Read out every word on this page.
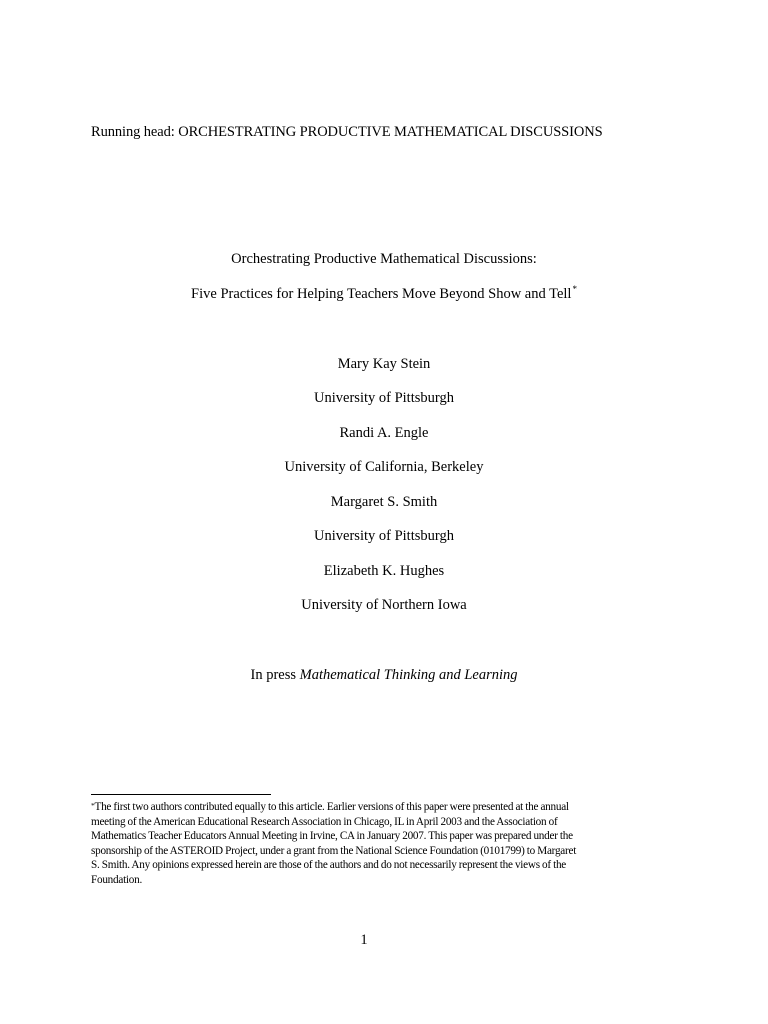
Running head: ORCHESTRATING PRODUCTIVE MATHEMATICAL DISCUSSIONS
Orchestrating Productive Mathematical Discussions:
Five Practices for Helping Teachers Move Beyond Show and Tell*
Mary Kay Stein
University of Pittsburgh
Randi A. Engle
University of California, Berkeley
Margaret S. Smith
University of Pittsburgh
Elizabeth K. Hughes
University of Northern Iowa
In press Mathematical Thinking and Learning
*The first two authors contributed equally to this article. Earlier versions of this paper were presented at the annual
meeting of the American Educational Research Association in Chicago, IL in April 2003 and the Association of
Mathematics Teacher Educators Annual Meeting in Irvine, CA in January 2007. This paper was prepared under the
sponsorship of the ASTEROID Project, under a grant from the National Science Foundation (0101799) to Margaret
S. Smith. Any opinions expressed herein are those of the authors and do not necessarily represent the views of the
Foundation.
1
